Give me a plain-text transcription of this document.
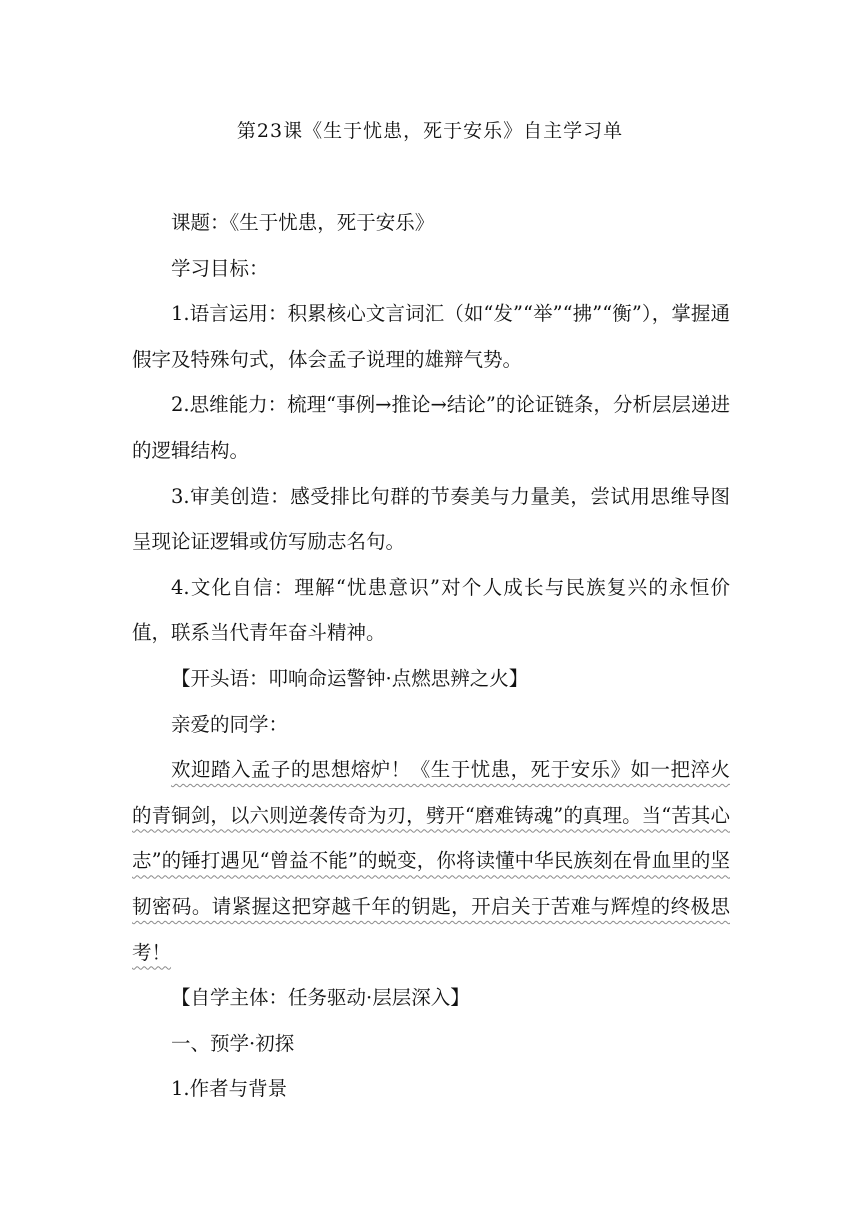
第23课《生于忧患，死于安乐》自主学习单

课题：《生于忧患，死于安乐》

学习目标：

1.语言运用：积累核心文言词汇（如“发”“举”“拂”“衡”），掌握通假字及特殊句式，体会孟子说理的雄辩气势。

2.思维能力：梳理“事例→推论→结论”的论证链条，分析层层递进的逻辑结构。

3.审美创造：感受排比句群的节奏美与力量美，尝试用思维导图呈现论证逻辑或仿写励志名句。

4.文化自信：理解“忧患意识”对个人成长与民族复兴的永恒价值，联系当代青年奋斗精神。

【开头语：叩响命运警钟·点燃思辨之火】

亲爱的同学：

欢迎踏入孟子的思想熔炉！《生于忧患，死于安乐》如一把淬火的青铜剑，以六则逆袭传奇为刃，劈开“磨难铸魂”的真理。当“苦其心志”的锤打遇见“曾益不能”的蜕变，你将读懂中华民族刻在骨血里的坚韧密码。请紧握这把穿越千年的钥匙，开启关于苦难与辉煌的终极思考！

【自学主体：任务驱动·层层深入】

一、预学·初探

1.作者与背景
